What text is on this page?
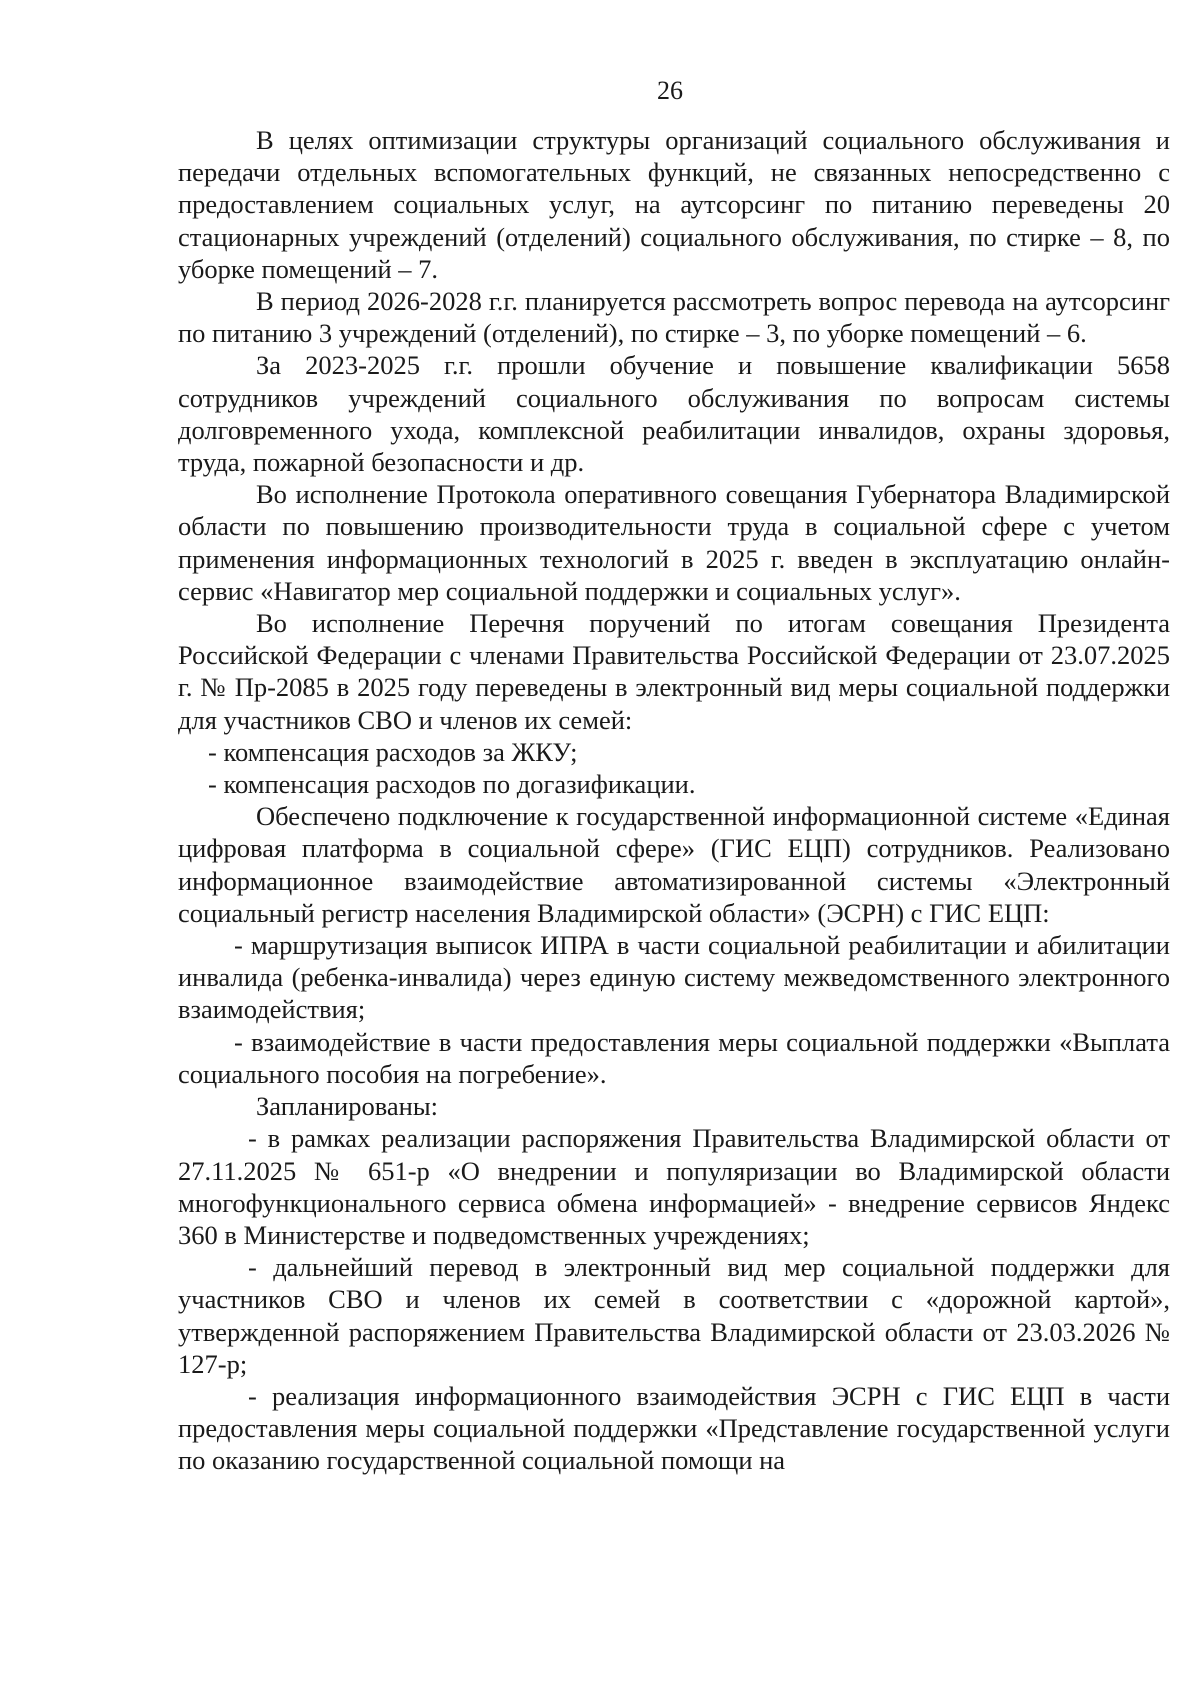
26

В целях оптимизации структуры организаций социального обслуживания и передачи отдельных вспомогательных функций, не связанных непосредственно с предоставлением социальных услуг, на аутсорсинг по питанию переведены 20 стационарных учреждений (отделений) социального обслуживания, по стирке – 8, по уборке помещений – 7.

В период 2026-2028 г.г. планируется рассмотреть вопрос перевода на аутсорсинг по питанию 3 учреждений (отделений), по стирке – 3, по уборке помещений – 6.

За 2023-2025 г.г. прошли обучение и повышение квалификации 5658 сотрудников учреждений социального обслуживания по вопросам системы долговременного ухода, комплексной реабилитации инвалидов, охраны здоровья, труда, пожарной безопасности и др.

Во исполнение Протокола оперативного совещания Губернатора Владимирской области по повышению производительности труда в социальной сфере с учетом применения информационных технологий в 2025 г. введен в эксплуатацию онлайн-сервис «Навигатор мер социальной поддержки и социальных услуг».

Во исполнение Перечня поручений по итогам совещания Президента Российской Федерации с членами Правительства Российской Федерации от 23.07.2025 г. № Пр-2085 в 2025 году переведены в электронный вид меры социальной поддержки для участников СВО и членов их семей:

- компенсация расходов за ЖКУ;

- компенсация расходов по догазификации.

Обеспечено подключение к государственной информационной системе «Единая цифровая платформа в социальной сфере» (ГИС ЕЦП) сотрудников. Реализовано информационное взаимодействие автоматизированной системы «Электронный социальный регистр населения Владимирской области» (ЭСРН) с ГИС ЕЦП:

- маршрутизация выписок ИПРА в части социальной реабилитации и абилитации инвалида (ребенка-инвалида) через единую систему межведомственного электронного взаимодействия;

- взаимодействие в части предоставления меры социальной поддержки «Выплата социального пособия на погребение».

Запланированы:

- в рамках реализации распоряжения Правительства Владимирской области от 27.11.2025 № 651-р «О внедрении и популяризации во Владимирской области многофункционального сервиса обмена информацией» - внедрение сервисов Яндекс 360 в Министерстве и подведомственных учреждениях;

- дальнейший перевод в электронный вид мер социальной поддержки для участников СВО и членов их семей в соответствии с «дорожной картой», утвержденной распоряжением Правительства Владимирской области от 23.03.2026 № 127-р;

- реализация информационного взаимодействия ЭСРН с ГИС ЕЦП в части предоставления меры социальной поддержки «Представление государственной услуги по оказанию государственной социальной помощи на
